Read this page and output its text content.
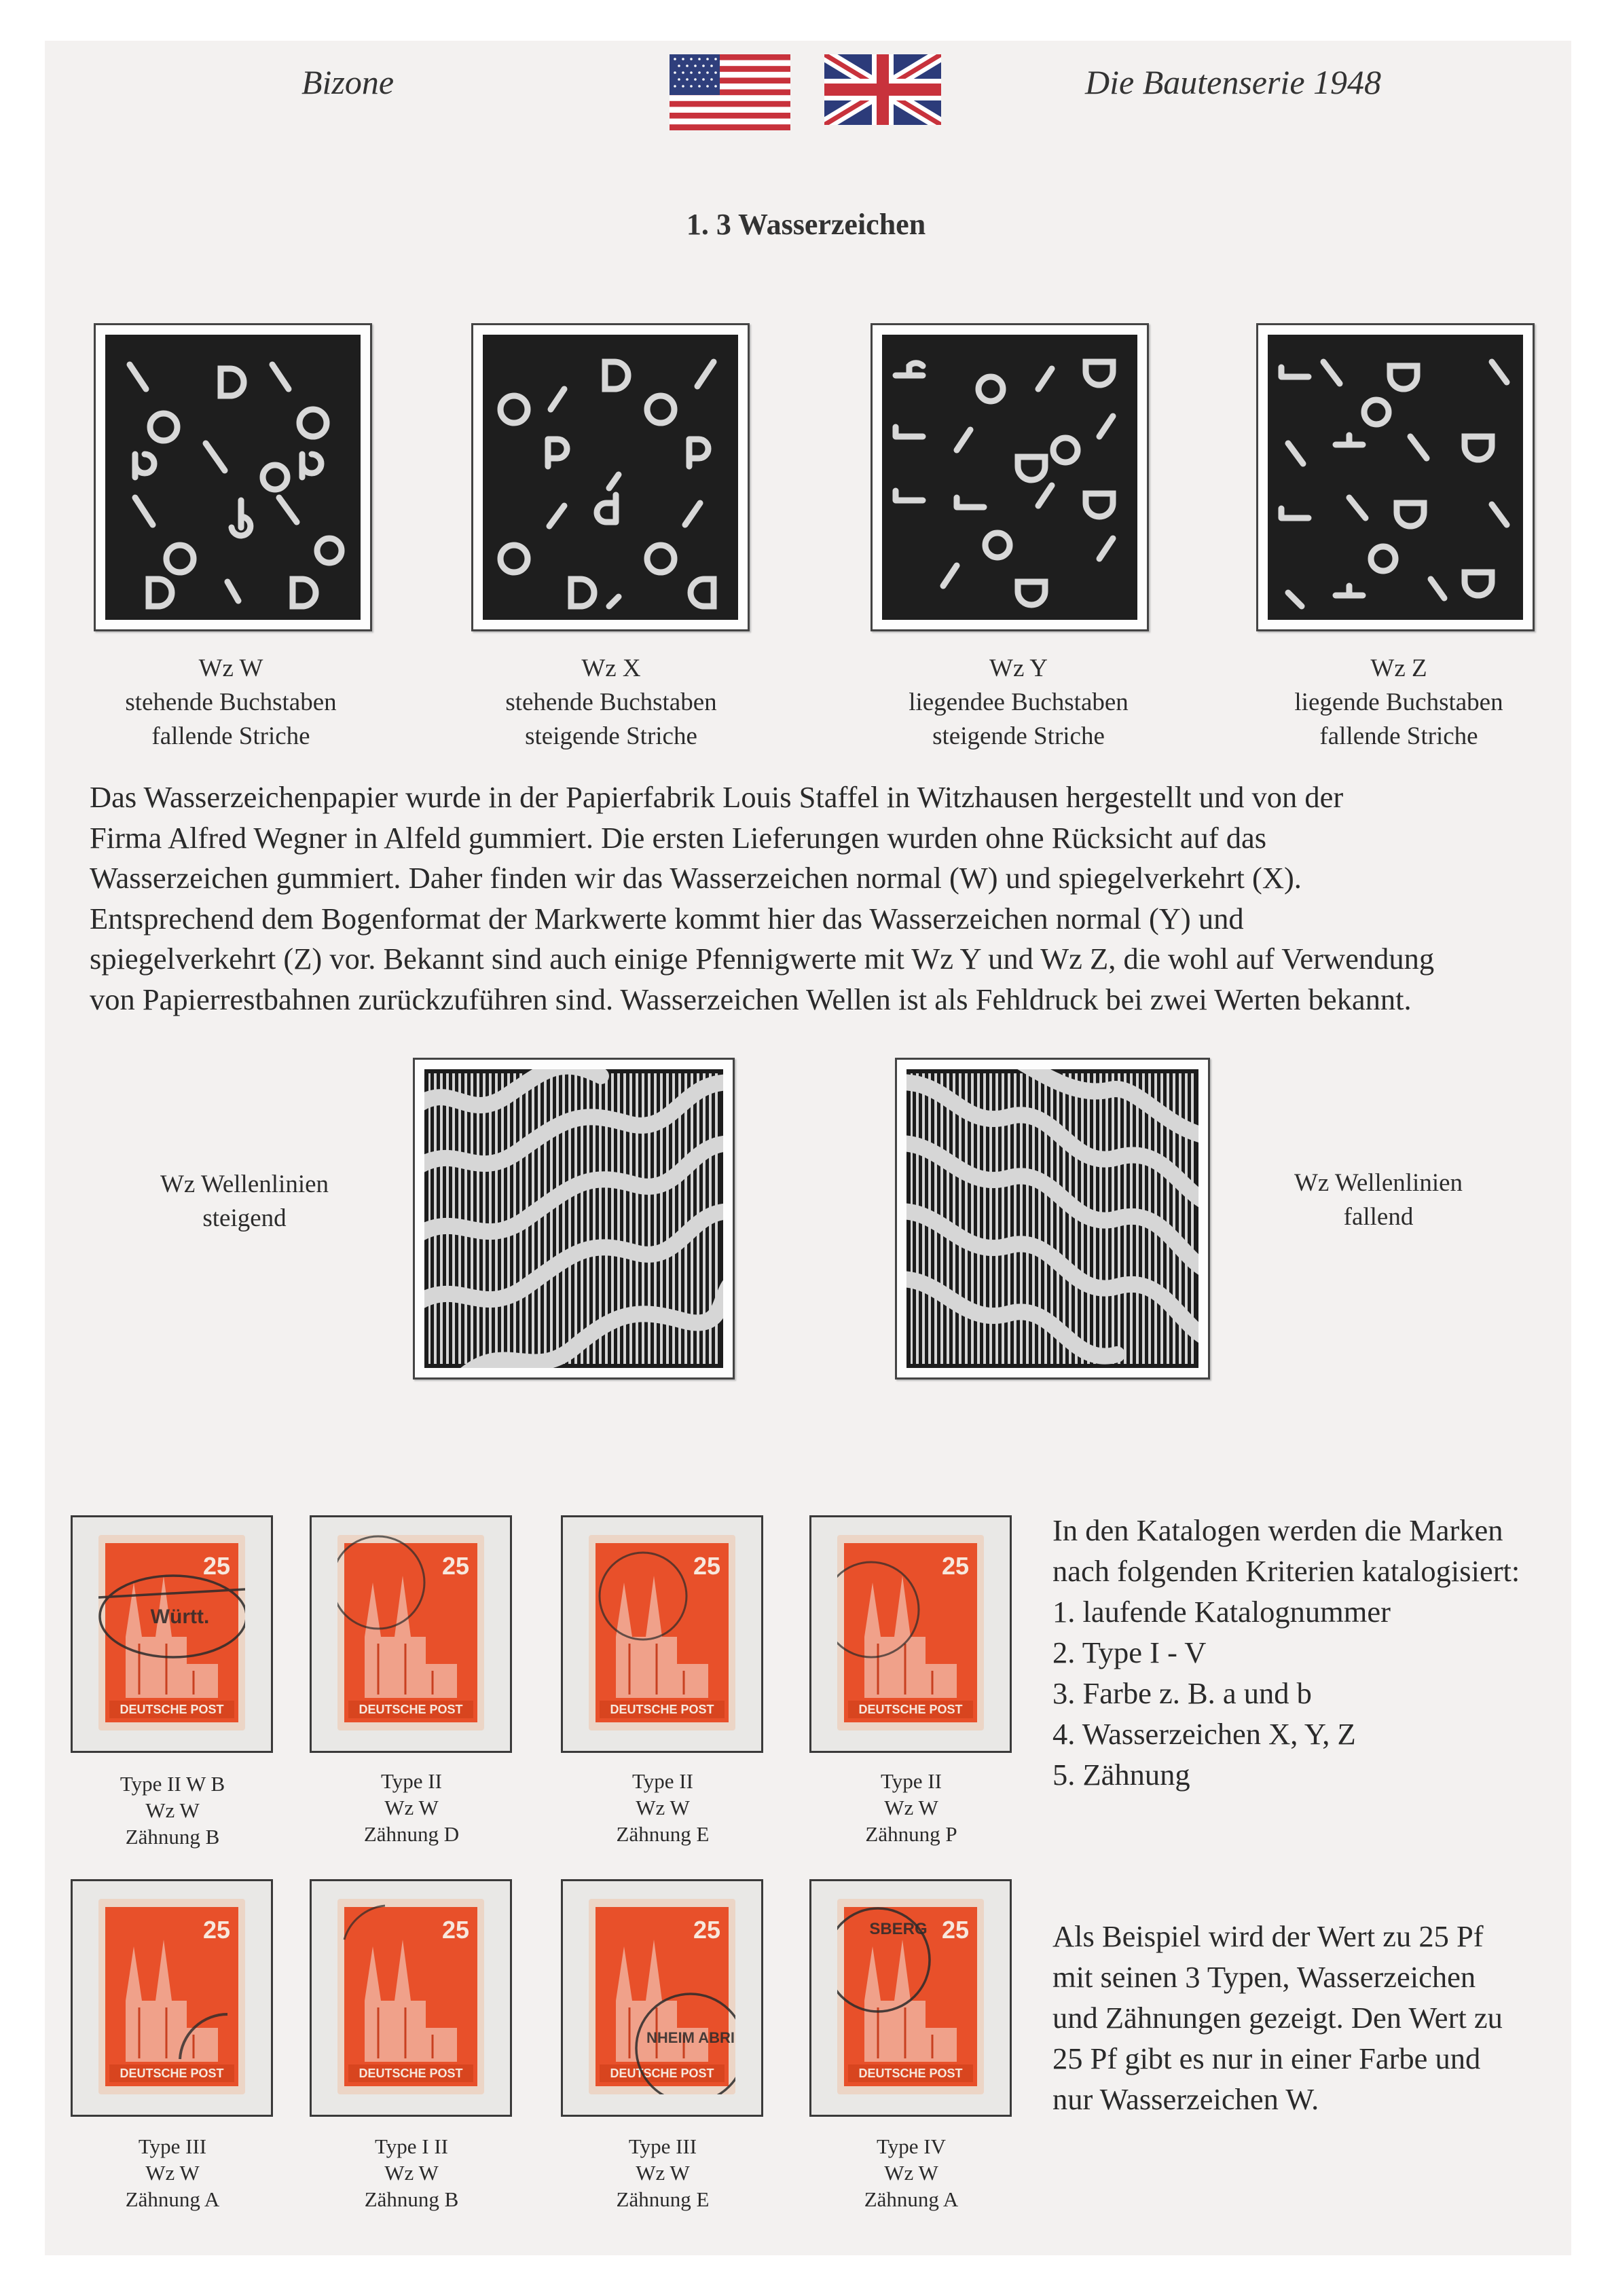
Bizone	Die Bautenserie 1948
1. 3 Wasserzeichen
Wz W
stehende Buchstaben
fallende Striche
Wz X
stehende Buchstaben
steigende Striche
Wz Y
liegendee Buchstaben
steigende Striche
Wz Z
liegende Buchstaben
fallende Striche
Das Wasserzeichenpapier wurde in der Papierfabrik Louis Staffel in Witzhausen hergestellt und von der
Firma Alfred Wegner in Alfeld gummiert. Die ersten Lieferungen wurden ohne Rücksicht auf das
Wasserzeichen gummiert. Daher finden wir das Wasserzeichen normal (W) und spiegelverkehrt (X).
Entsprechend dem Bogenformat der Markwerte kommt hier das Wasserzeichen normal (Y) und
spiegelverkehrt (Z) vor. Bekannt sind auch einige Pfennigwerte mit Wz Y und Wz Z, die wohl auf Verwendung
von Papierrestbahnen zurückzuführen sind. Wasserzeichen Wellen ist als Fehldruck bei zwei Werten bekannt.
Wz Wellenlinien
steigend
Wz Wellenlinien
fallend
In den Katalogen werden die Marken
nach folgenden Kriterien katalogisiert:
1. laufende Katalognummer
2. Type I - V
3. Farbe z. B. a und b
4. Wasserzeichen X, Y, Z
5. Zähnung
Als Beispiel wird der Wert zu 25 Pf
mit seinen 3 Typen, Wasserzeichen
und Zähnungen gezeigt. Den Wert zu
25 Pf gibt es nur in einer Farbe und
nur Wasserzeichen W.
DEUTSCHE POST
25
Württ.
DEUTSCHE POST
25
DEUTSCHE POST
25
DEUTSCHE POST
25
DEUTSCHE POST
25
DEUTSCHE POST
25
DEUTSCHE POST
25
NHEIM ABRI
DEUTSCHE POST
25
SBERG
Type II W B
Wz W
Zähnung B
Type II
Wz W
Zähnung D
Type II
Wz W
Zähnung E
Type II
Wz W
Zähnung P
Type III
Wz W
Zähnung A
Type I II
Wz W
Zähnung B
Type III
Wz W
Zähnung E
Type IV
Wz W
Zähnung A
